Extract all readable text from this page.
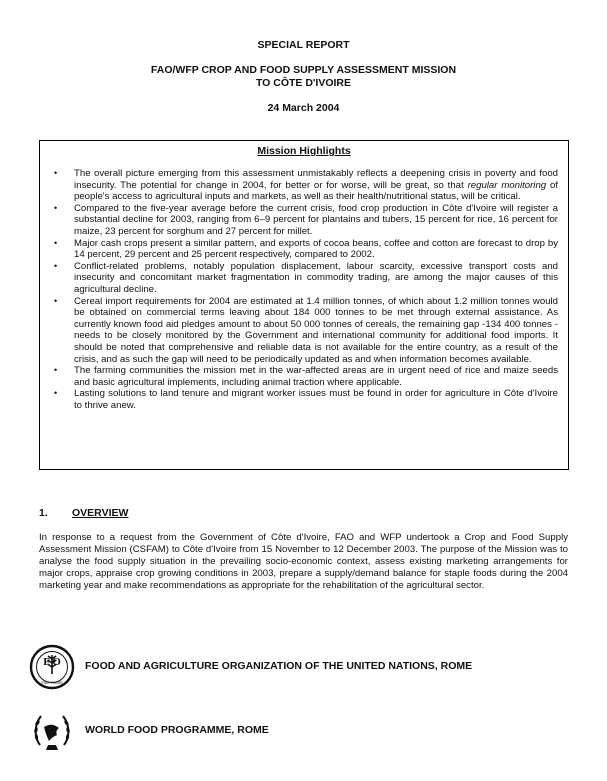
SPECIAL REPORT
FAO/WFP CROP AND FOOD SUPPLY ASSESSMENT MISSION
TO CÔTE D'IVOIRE
24 March 2004
Mission Highlights
• The overall picture emerging from this assessment unmistakably reflects a deepening crisis in poverty and food insecurity. The potential for change in 2004, for better or for worse, will be great, so that regular monitoring of people's access to agricultural inputs and markets, as well as their health/nutritional status, will be critical.
• Compared to the five-year average before the current crisis, food crop production in Côte d'Ivoire will register a substantial decline for 2003, ranging from 6–9 percent for plantains and tubers, 15 percent for rice, 16 percent for maize, 23 percent for sorghum and 27 percent for millet.
• Major cash crops present a similar pattern, and exports of cocoa beans, coffee and cotton are forecast to drop by 14 percent, 29 percent and 25 percent respectively, compared to 2002.
• Conflict-related problems, notably population displacement, labour scarcity, excessive transport costs and insecurity and concomitant market fragmentation in commodity trading, are among the major causes of this agricultural decline.
• Cereal import requirements for 2004 are estimated at 1.4 million tonnes, of which about 1.2 million tonnes would be obtained on commercial terms leaving about 184 000 tonnes to be met through external assistance. As currently known food aid pledges amount to about 50 000 tonnes of cereals, the remaining gap -134 400 tonnes - needs to be closely monitored by the Government and international community for additional food imports. It should be noted that comprehensive and reliable data is not available for the entire country, as a result of the crisis, and as such the gap will need to be periodically updated as and when information becomes available.
• The farming communities the mission met in the war-affected areas are in urgent need of rice and maize seeds and basic agricultural implements, including animal traction where applicable.
• Lasting solutions to land tenure and migrant worker issues must be found in order for agriculture in Côte d'Ivoire to thrive anew.
1. OVERVIEW

In response to a request from the Government of Côte d'Ivoire, FAO and WFP undertook a Crop and Food Supply Assessment Mission (CSFAM) to Côte d'Ivoire from 15 November to 12 December 2003. The purpose of the Mission was to analyse the food supply situation in the prevailing socio-economic context, assess existing marketing arrangements for major crops, appraise crop growing conditions in 2003, prepare a supply/demand balance for staple foods during the 2004 marketing year and make recommendations as appropriate for the rehabilitation of the agricultural sector.

F O
FIAT PANIS
FOOD AND AGRICULTURE ORGANIZATION OF THE UNITED NATIONS, ROME
WORLD FOOD PROGRAMME, ROME
